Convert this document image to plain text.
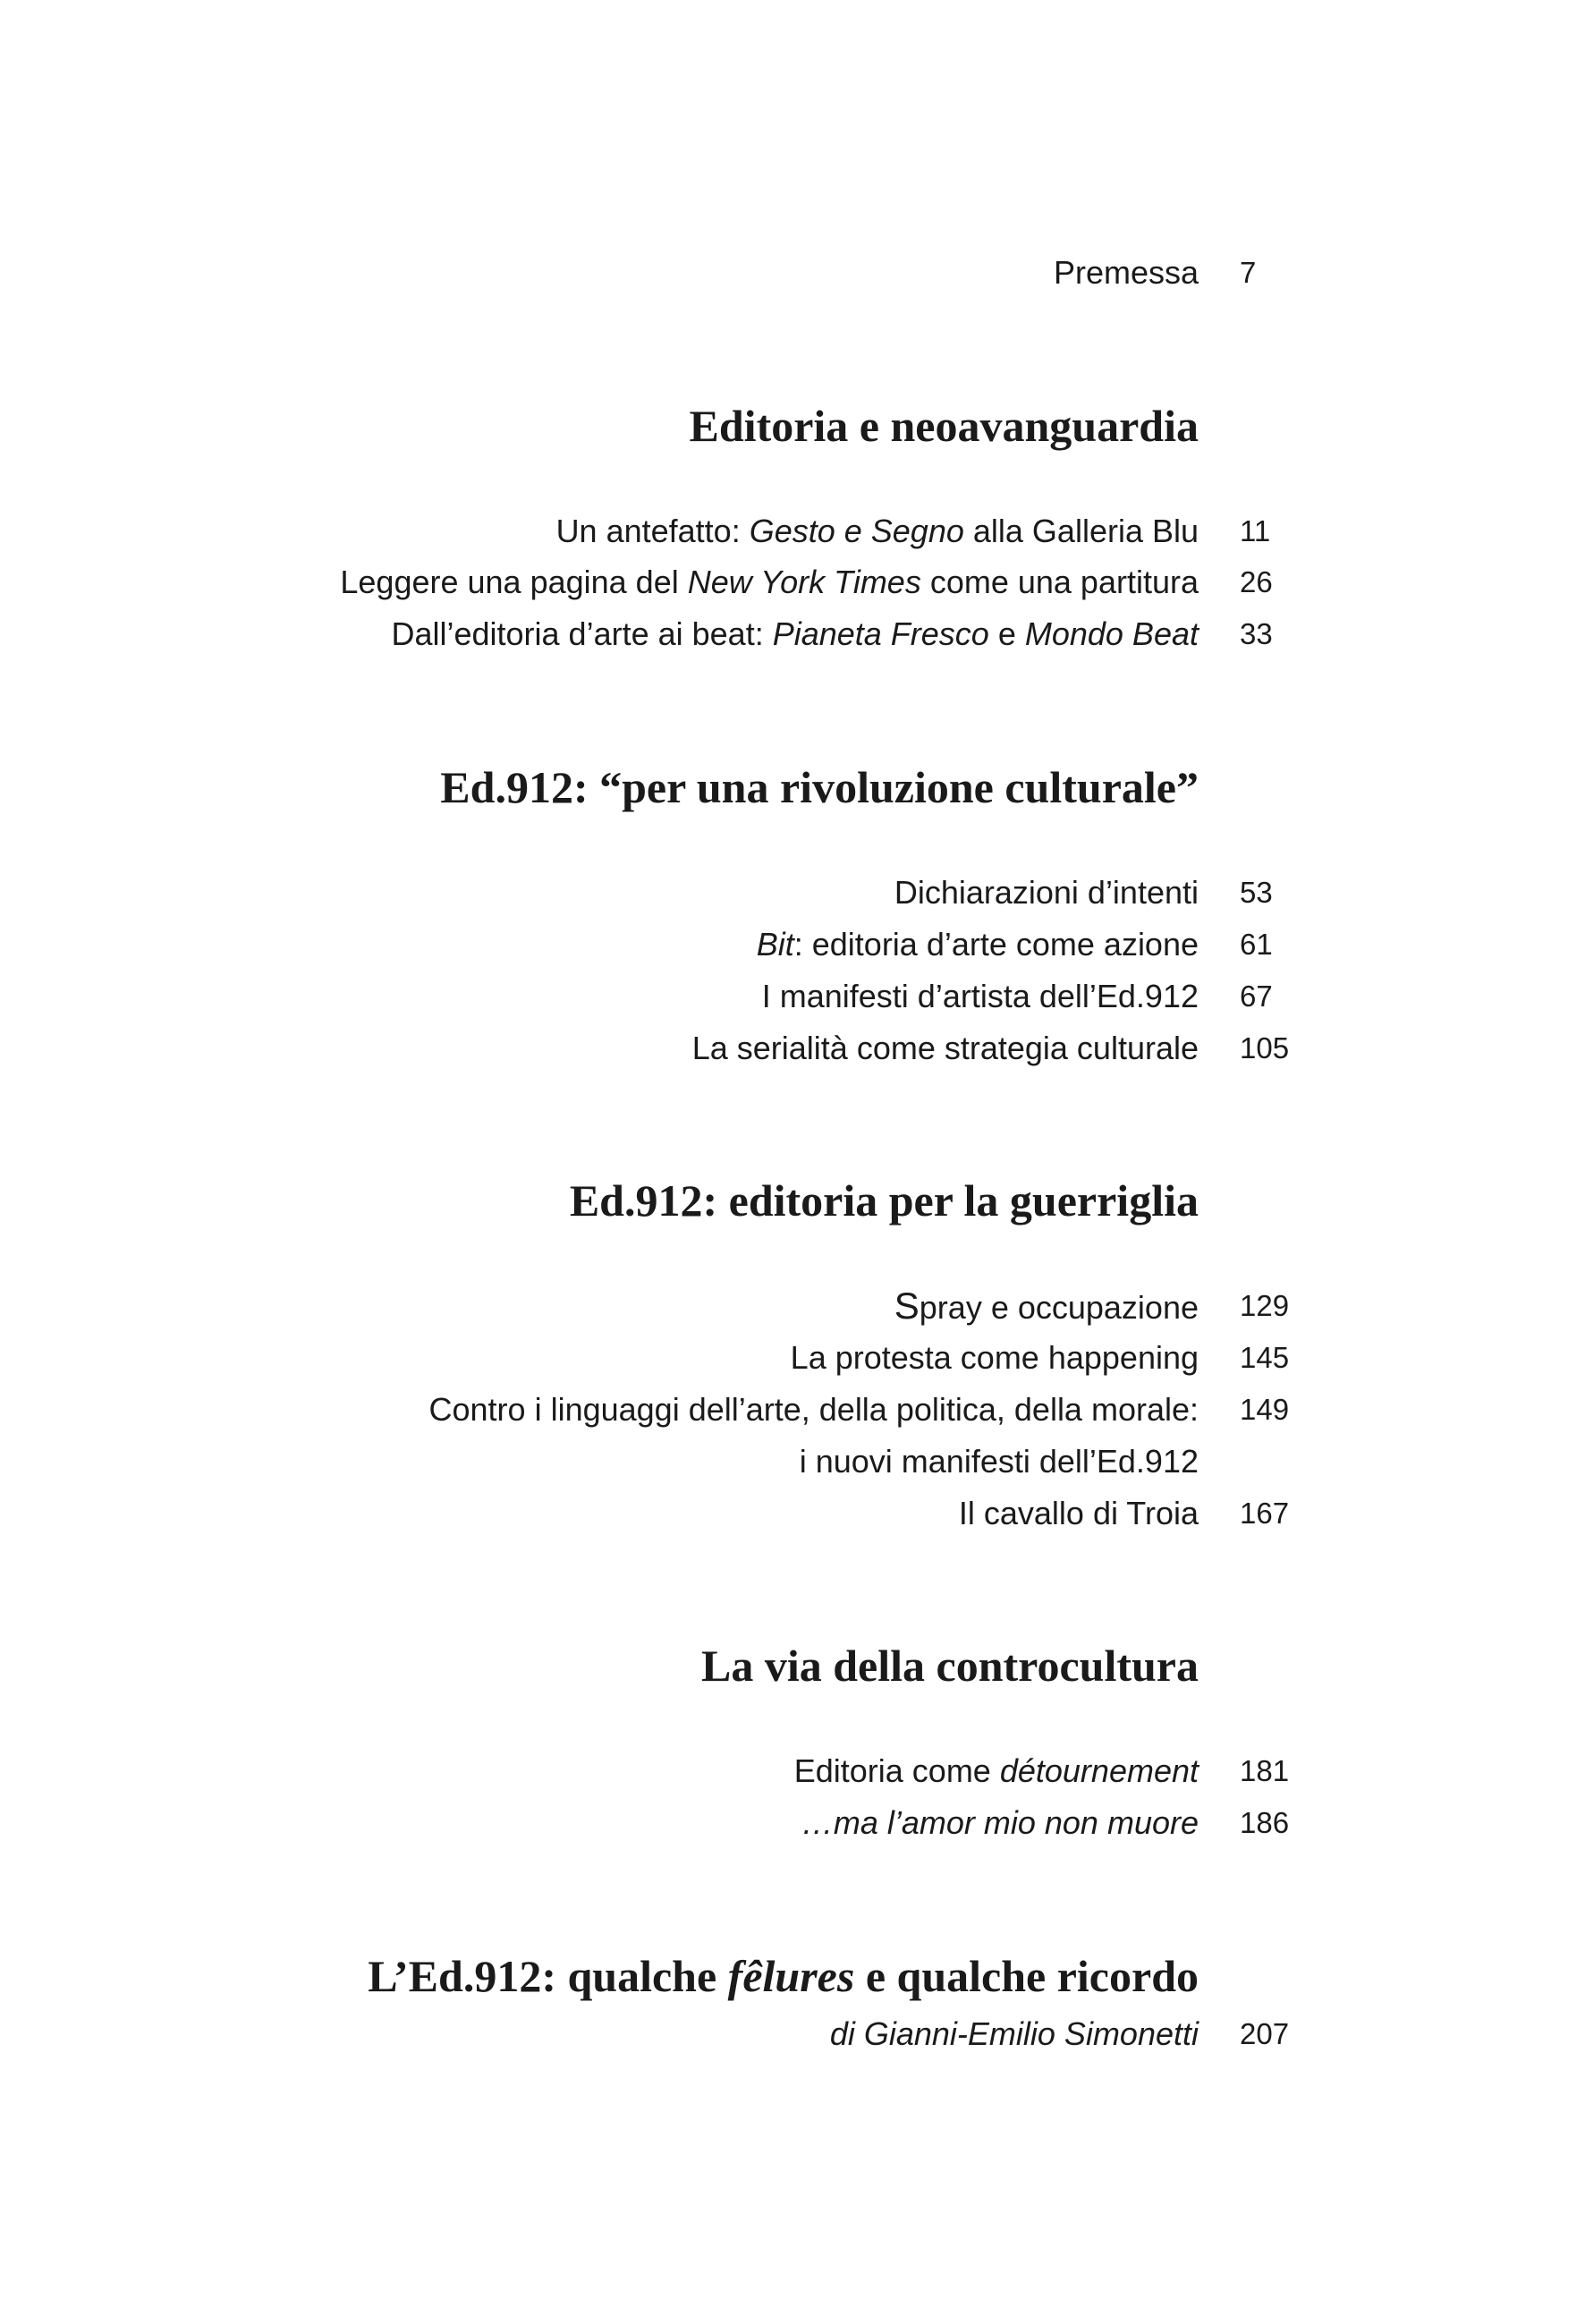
Premessa 7
Editoria e neoavanguardia
Un antefatto: Gesto e Segno alla Galleria Blu 11
Leggere una pagina del New York Times come una partitura 26
Dall’editoria d’arte ai beat: Pianeta Fresco e Mondo Beat 33
Ed.912: “per una rivoluzione culturale”
Dichiarazioni d’intenti 53
Bit: editoria d’arte come azione 61
I manifesti d’artista dell’Ed.912 67
La serialità come strategia culturale 105
Ed.912: editoria per la guerriglia
Spray e occupazione 129
La protesta come happening 145
Contro i linguaggi dell’arte, della politica, della morale: 149
i nuovi manifesti dell’Ed.912
Il cavallo di Troia 167
La via della controcultura
Editoria come détournement 181
…ma l’amor mio non muore 186
L’Ed.912: qualche fêlures e qualche ricordo
di Gianni-Emilio Simonetti 207
